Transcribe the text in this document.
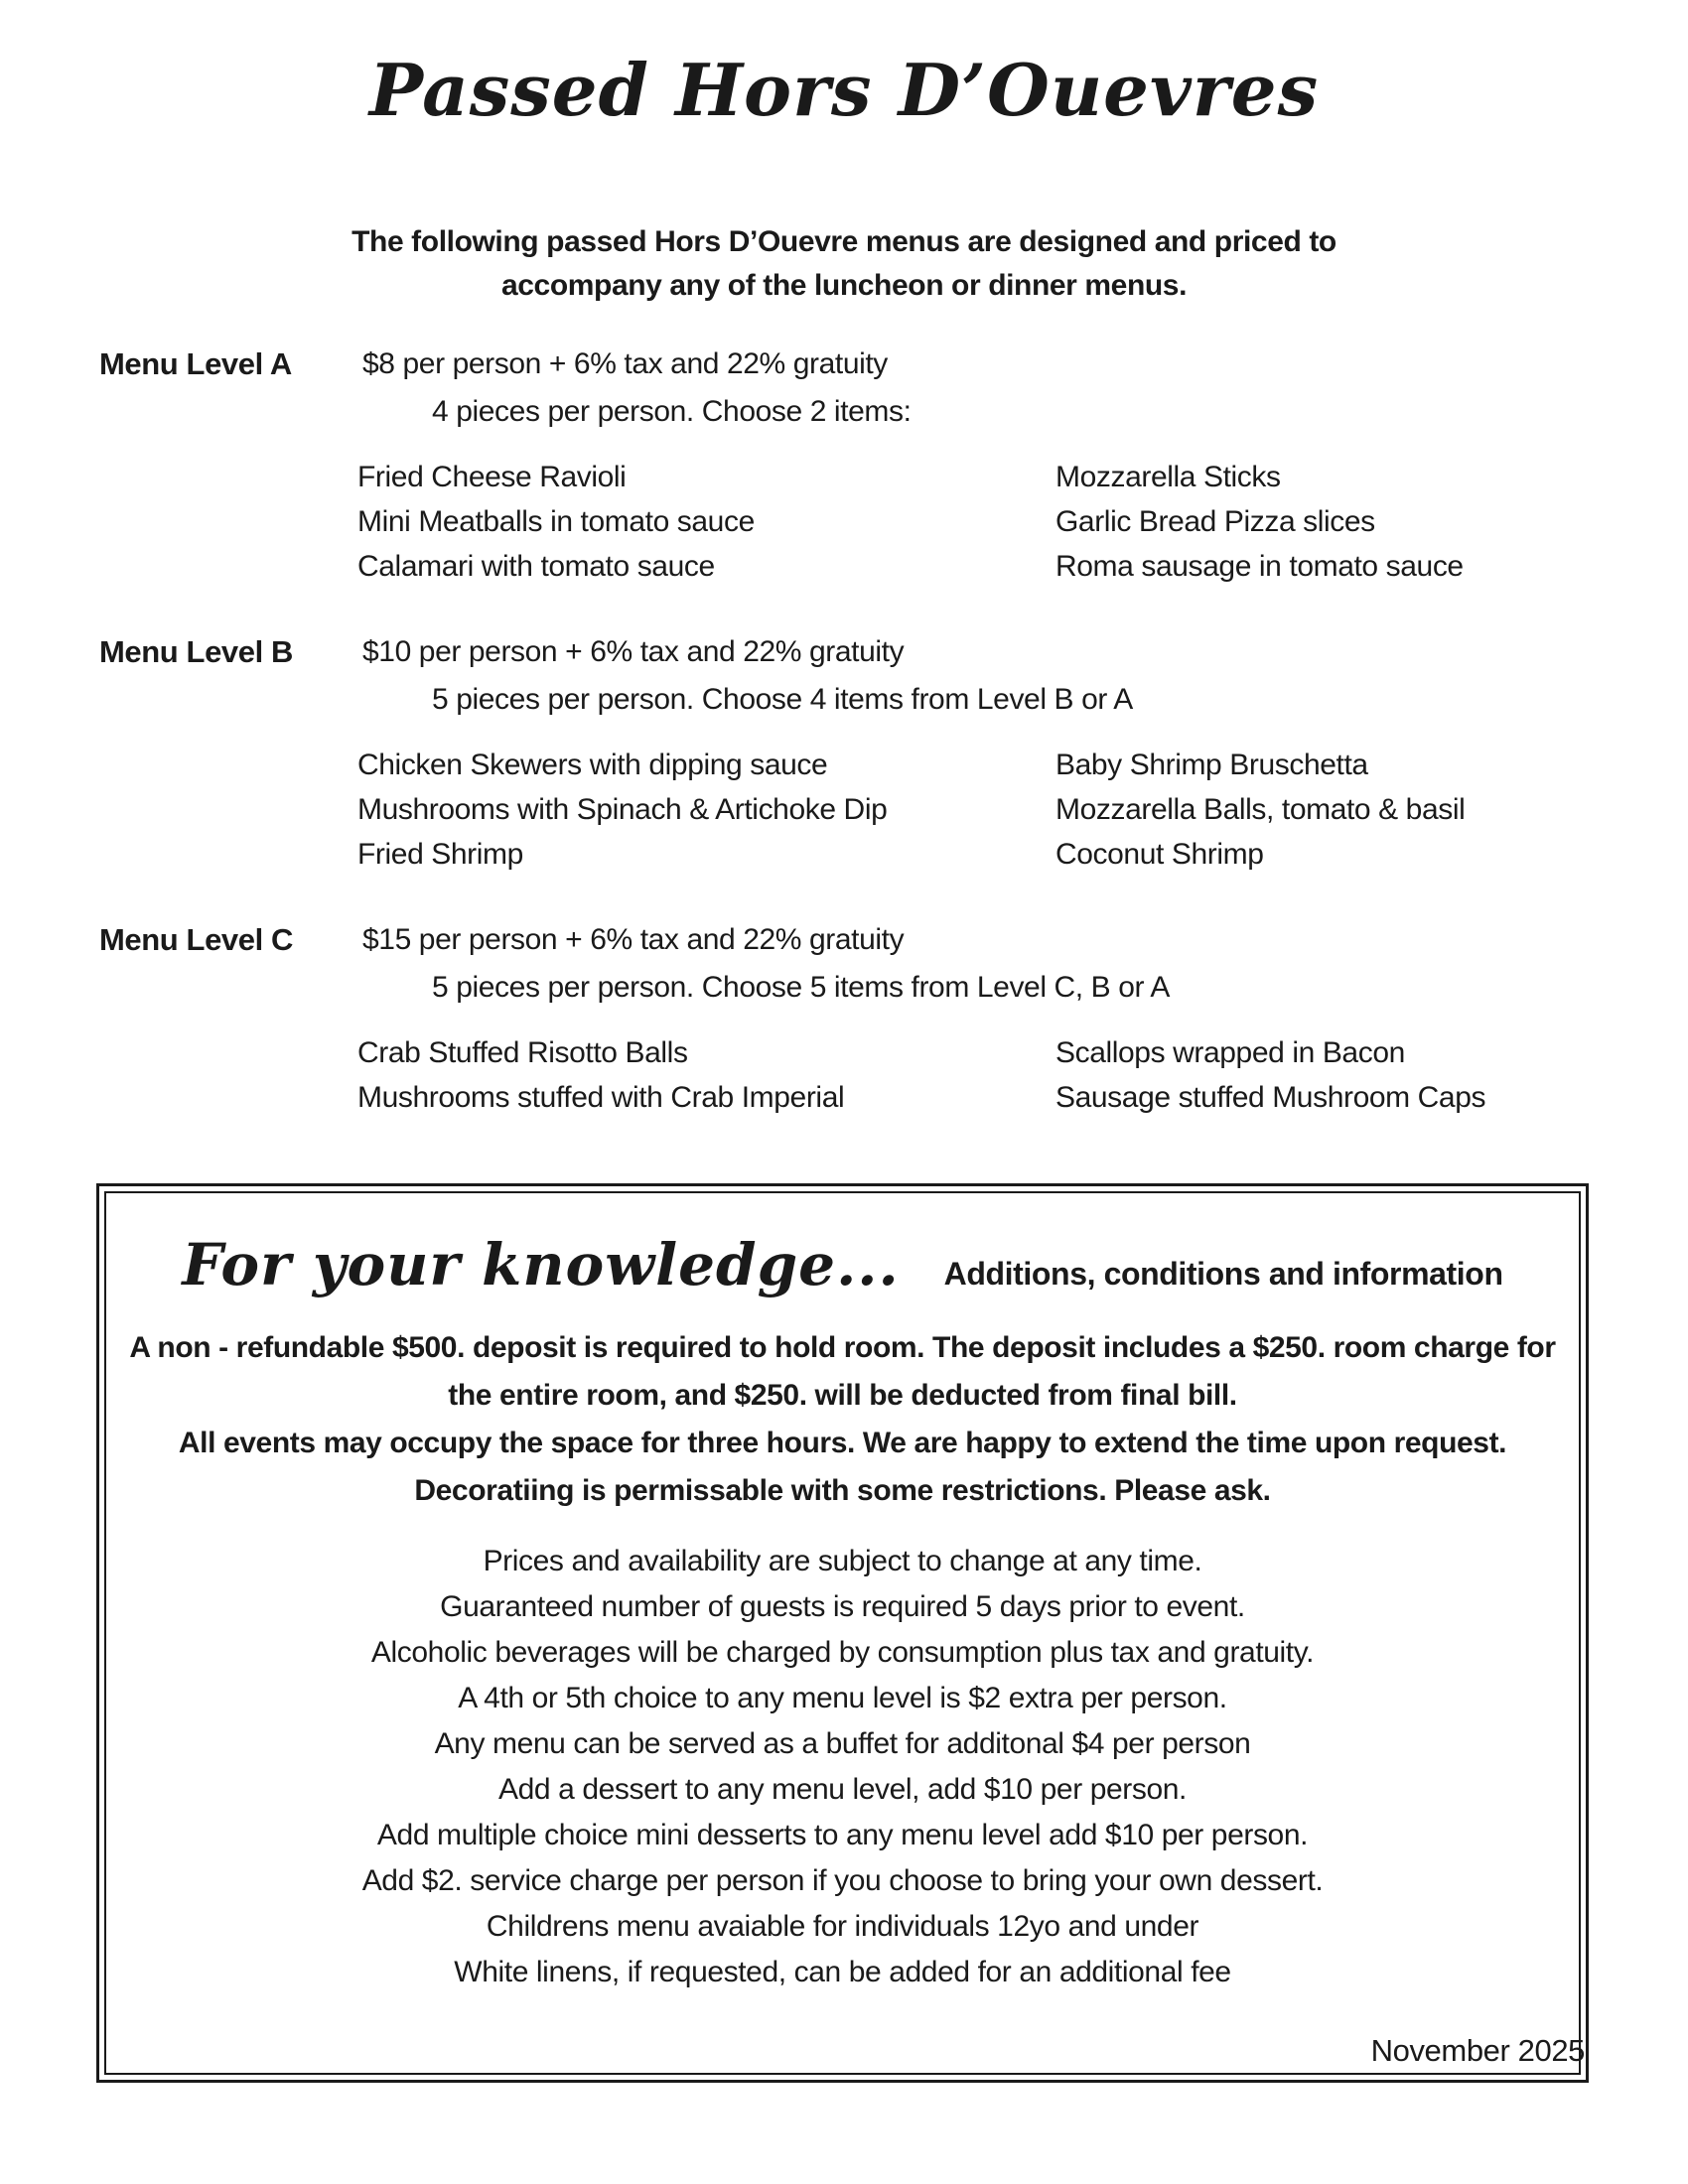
Passed Hors D’Ouevres
The following passed Hors D’Ouevre menus are designed and priced to
accompany any of the luncheon or dinner menus.
Menu Level A $8 per person + 6% tax and 22% gratuity
4 pieces per person. Choose 2 items:
Fried Cheese Ravioli
Mini Meatballs in tomato sauce
Calamari with tomato sauce
Mozzarella Sticks
Garlic Bread Pizza slices
Roma sausage in tomato sauce
Menu Level B $10 per person + 6% tax and 22% gratuity
5 pieces per person. Choose 4 items from Level B or A
Chicken Skewers with dipping sauce
Mushrooms with Spinach & Artichoke Dip
Fried Shrimp
Baby Shrimp Bruschetta
Mozzarella Balls, tomato & basil
Coconut Shrimp
Menu Level C $15 per person + 6% tax and 22% gratuity
5 pieces per person. Choose 5 items from Level C, B or A
Crab Stuffed Risotto Balls
Mushrooms stuffed with Crab Imperial
Scallops wrapped in Bacon
Sausage stuffed Mushroom Caps
For your knowledge... Additions, conditions and information

A non - refundable $500. deposit is required to hold room. The deposit includes a $250. room charge for the entire room, and $250. will be deducted from final bill.

All events may occupy the space for three hours. We are happy to extend the time upon request.

Decoratiing is permissable with some restrictions. Please ask.

Prices and availability are subject to change at any time.

Guaranteed number of guests is required 5 days prior to event.

Alcoholic beverages will be charged by consumption plus tax and gratuity.

A 4th or 5th choice to any menu level is $2 extra per person.

Any menu can be served as a buffet for additonal $4 per person

Add a dessert to any menu level, add $10 per person.

Add multiple choice mini desserts to any menu level add $10 per person.

Add $2. service charge per person if you choose to bring your own dessert.

Childrens menu avaiable for individuals 12yo and under

White linens, if requested, can be added for an additional fee

November 2025
